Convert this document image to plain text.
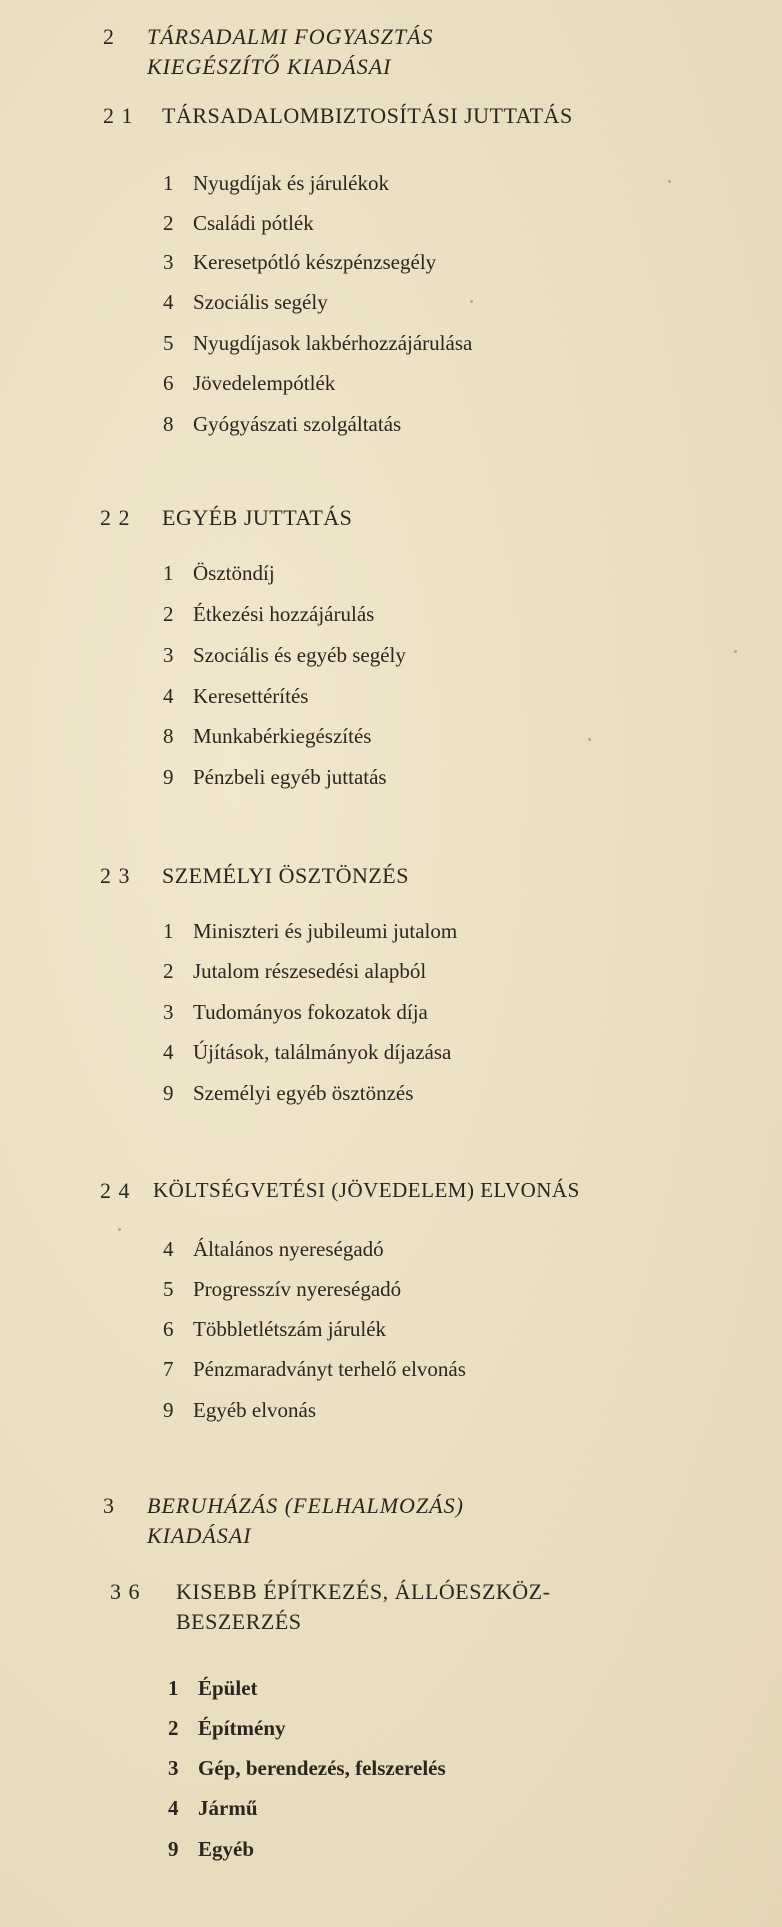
2 TÁRSADALMI FOGYASZTÁS
KIEGÉSZÍTŐ KIADÁSAI
2 1 TÁRSADALOMBIZTOSÍTÁSI JUTTATÁS
1 Nyugdíjak és járulékok
2 Családi pótlék
3 Keresetpótló készpénzsegély
4 Szociális segély
5 Nyugdíjasok lakbérhozzájárulása
6 Jövedelempótlék
8 Gyógyászati szolgáltatás
2 2 EGYÉB JUTTATÁS
1 Ösztöndíj
2 Étkezési hozzájárulás
3 Szociális és egyéb segély
4 Keresettérítés
8 Munkabérkiegészítés
9 Pénzbeli egyéb juttatás
2 3 SZEMÉLYI ÖSZTÖNZÉS
1 Miniszteri és jubileumi jutalom
2 Jutalom részesedési alapból
3 Tudományos fokozatok díja
4 Újítások, találmányok díjazása
9 Személyi egyéb ösztönzés
2 4 KÖLTSÉGVETÉSI (JÖVEDELEM) ELVONÁS
4 Általános nyereségadó
5 Progresszív nyereségadó
6 Többletlétszám járulék
7 Pénzmaradványt terhelő elvonás
9 Egyéb elvonás
3 BERUHÁZÁS (FELHALMOZÁS)
KIADÁSAI
3 6 KISEBB ÉPÍTKEZÉS, ÁLLÓESZKÖZ-
BESZERZÉS
1 Épület
2 Építmény
3 Gép, berendezés, felszerelés
4 Jármű
9 Egyéb
